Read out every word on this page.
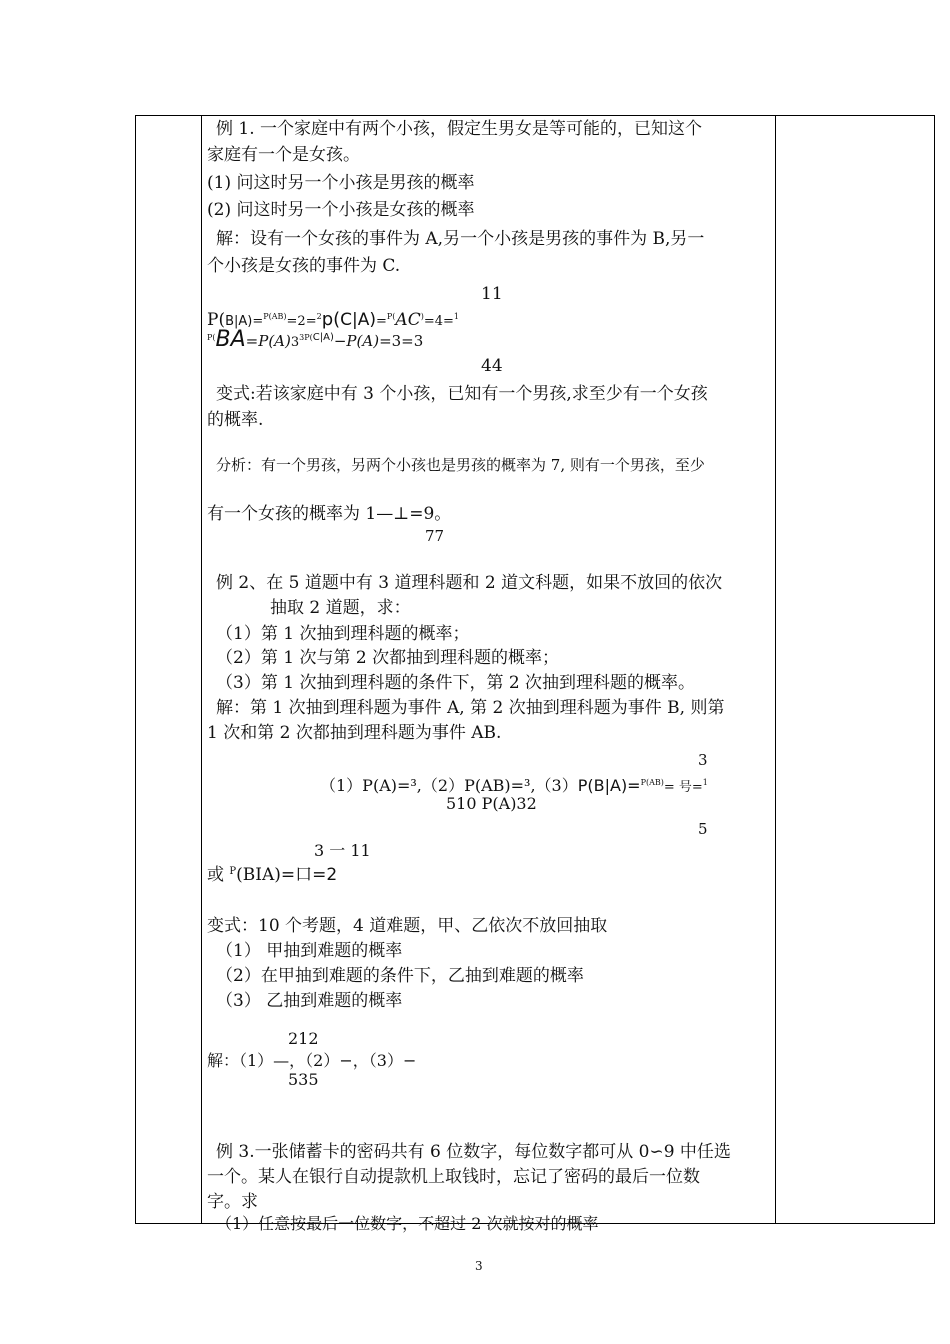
例 1. 一个家庭中有两个小孩，假定生男女是等可能的，已知这个
家庭有一个是女孩。
(1) 问这时另一个小孩是男孩的概率
(2) 问这时另一个小孩是女孩的概率
解：设有一个女孩的事件为 A,另一个小孩是男孩的事件为 B,另一
个小孩是女孩的事件为 C.
11
P(B|A)=$^{P(AB)}$=2=$^2$p(C|A)=$^{P(}$AC)=4=$^1$
$^{P(}BA=P(A)3^{3P(C|A)}-P(A)=3=3$
44
变式:若该家庭中有 3 个小孩，已知有一个男孩,求至少有一个女孩
的概率.
分析：有一个男孩，另两个小孩也是男孩的概率为 7, 则有一个男孩，至少
有一个女孩的概率为 1—⊥=9。
77
例 2、在 5 道题中有 3 道理科题和 2 道文科题，如果不放回的依次
抽取 2 道题，求：
（1）第 1 次抽到理科题的概率；
（2）第 1 次与第 2 次都抽到理科题的概率；
（3）第 1 次抽到理科题的条件下，第 2 次抽到理科题的概率。
解：第 1 次抽到理科题为事件 A, 第 2 次抽到理科题为事件 B, 则第
1 次和第 2 次都抽到理科题为事件 AB.
3
（1）P(A)=³,（2）P(AB)=³,（3）P(B|A)=$^{P(AB)}$= 号=$^1$
510 P(A)32
5
3 一 11
或 $^P$(BIA)=口=2
变式：10 个考题，4 道难题，甲、乙依次不放回抽取
（1） 甲抽到难题的概率
（2）在甲抽到难题的条件下，乙抽到难题的概率
（3） 乙抽到难题的概率
212
解：（1）—，（2）−，（3）−
535
例 3.一张储蓄卡的密码共有 6 位数字，每位数字都可从 0∽9 中任选
一个。某人在银行自动提款机上取钱时，忘记了密码的最后一位数
字。求
（1）任意按最后一位数字，不超过 2 次就按对的概率
3
